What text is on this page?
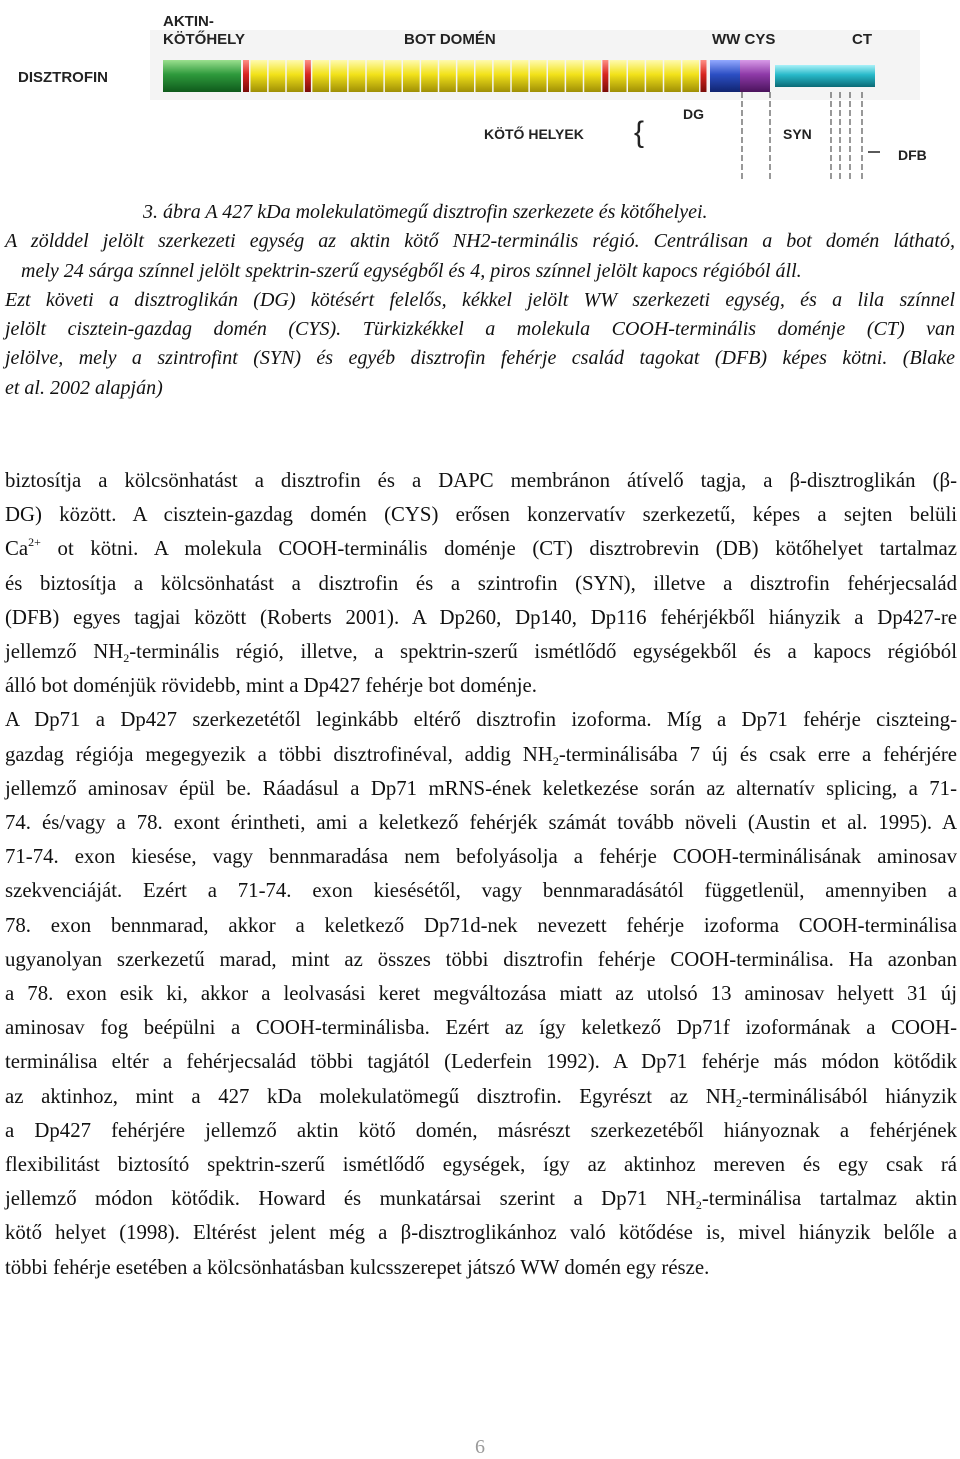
AKTIN-
KÖTŐHELY	BOT DOMÉN	WW CYS	CT
DISZTROFIN
DG
KÖTŐ HELYEK {	SYN
DFB
3. ábra A 427 kDa molekulatömegű disztrofin szerkezete és kötőhelyei.
A zölddel jelölt szerkezeti egység az aktin kötő NH2-terminális régió. Centrálisan a bot domén látható,
mely 24 sárga színnel jelölt spektrin-szerű egységből és 4, piros színnel jelölt kapocs régióból áll.
Ezt követi a disztroglikán (DG) kötésért felelős, kékkel jelölt WW szerkezeti egység, és a lila színnel
jelölt cisztein-gazdag domén (CYS). Türkizkékkel a molekula COOH-terminális doménje (CT) van
jelölve, mely a szintrofint (SYN) és egyéb disztrofin fehérje család tagokat (DFB) képes kötni. (Blake
et al. 2002 alapján)
biztosítja a kölcsönhatást a disztrofin és a DAPC membránon átívelő tagja, a β-disztroglikán (β-
DG) között. A cisztein-gazdag domén (CYS) erősen konzervatív szerkezetű, képes a sejten belüli
$Ca^{2+}$ ot kötni. A molekula COOH-terminális doménje (CT) disztrobrevin (DB) kötőhelyet tartalmaz
és biztosítja a kölcsönhatást a disztrofin és a szintrofin (SYN), illetve a disztrofin fehérjecsalád
(DFB) egyes tagjai között (Roberts 2001). A Dp260, Dp140, Dp116 fehérjékből hiányzik a Dp427-re
jellemző $NH_2$-terminális régió, illetve, a spektrin-szerű ismétlődő egységekből és a kapocs régióból
álló bot doménjük rövidebb, mint a Dp427 fehérje bot doménje.
A Dp71 a Dp427 szerkezetétől leginkább eltérő disztrofin izoforma. Míg a Dp71 fehérje ciszteing-
gazdag régiója megegyezik a többi disztrofinéval, addig $NH_2$-terminálisába 7 új és csak erre a fehérjére
jellemző aminosav épül be. Ráadásul a Dp71 mRNS-ének keletkezése során az alternatív splicing, a 71-
74. és/vagy a 78. exont érintheti, ami a keletkező fehérjék számát tovább növeli (Austin et al. 1995). A
71-74. exon kiesése, vagy bennmaradása nem befolyásolja a fehérje COOH-terminálisának aminosav
szekvenciáját. Ezért a 71-74. exon kiesésétől, vagy bennmaradásától függetlenül, amennyiben a
78. exon bennmarad, akkor a keletkező Dp71d-nek nevezett fehérje izoforma COOH-terminálisa
ugyanolyan szerkezetű marad, mint az összes többi disztrofin fehérje COOH-terminálisa. Ha azonban
a 78. exon esik ki, akkor a leolvasási keret megváltozása miatt az utolsó 13 aminosav helyett 31 új
aminosav fog beépülni a COOH-terminálisba. Ezért az így keletkező Dp71f izoformának a COOH-
terminálisa eltér a fehérjecsalád többi tagjától (Lederfein 1992). A Dp71 fehérje más módon kötődik
az aktinhoz, mint a 427 kDa molekulatömegű disztrofin. Egyrészt az $NH_2$-terminálisából hiányzik
a Dp427 fehérjére jellemző aktin kötő domén, másrészt szerkezetéből hiányoznak a fehérjének
flexibilitást biztosító spektrin-szerű ismétlődő egységek, így az aktinhoz mereven és egy csak rá
jellemző módon kötődik. Howard és munkatársai szerint a Dp71 $NH_2$-terminálisa tartalmaz aktin
kötő helyet (1998). Eltérést jelent még a β-disztroglikánhoz való kötődése is, mivel hiányzik belőle a
többi fehérje esetében a kölcsönhatásban kulcsszerepet játszó WW domén egy része.
6
